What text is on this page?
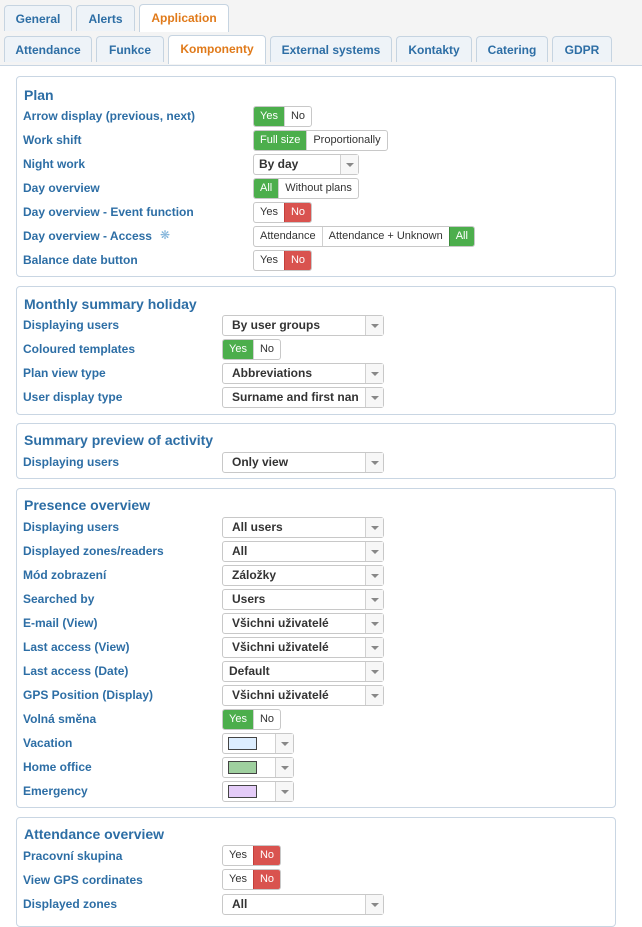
General	Alerts	Application
Attendance	Funkce	Komponenty	External systems	Kontakty	Catering	GDPR
Plan
Arrow display (previous, next)	Yes	No
Work shift	Full size	Proportionally
Night work	By day
Day overview	All	Without plans
Day overview - Event function	Yes	No
Day overview - Access ❋	Attendance	Attendance + Unknown	All
Balance date button	Yes	No
Monthly summary holiday
Displaying users	By user groups
Coloured templates	Yes	No
Plan view type	Abbreviations
User display type	Surname and first nan
Summary preview of activity
Displaying users	Only view
Presence overview
Displaying users	All users
Displayed zones/readers	All
Mód zobrazení	Záložky
Searched by	Users
E-mail (View)	Všichni uživatelé
Last access (View)	Všichni uživatelé
Last access (Date)	Default
GPS Position (Display)	Všichni uživatelé
Volná směna	Yes	No
Vacation
Home office
Emergency
Attendance overview
Pracovní skupina	Yes	No
View GPS cordinates	Yes	No
Displayed zones	All
